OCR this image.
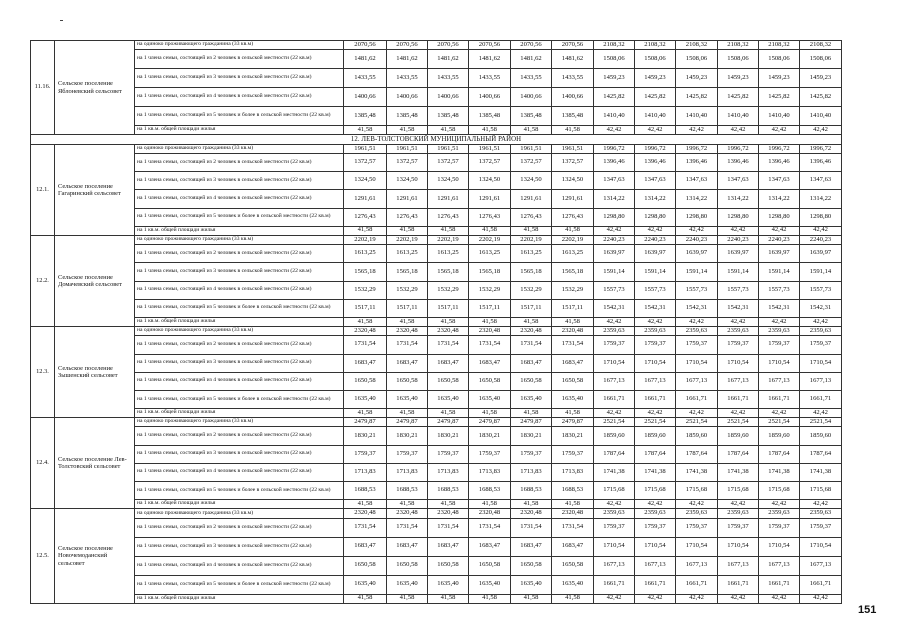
11.16.	Сельское поселение Яблоневский сельсовет	на одиноко проживающего гражданина (33 кв.м)	2070,56	2070,56	2070,56	2070,56	2070,56	2070,56	2108,32	2108,32	2108,32	2108,32	2108,32	2108,32
		на 1 члена семьи, состоящей из 2 человек в сельской местности (22 кв.м)	1481,62	1481,62	1481,62	1481,62	1481,62	1481,62	1508,06	1508,06	1508,06	1508,06	1508,06	1508,06
		на 1 члена семьи, состоящей из 3 человек в сельской местности (22 кв.м)	1433,55	1433,55	1433,55	1433,55	1433,55	1433,55	1459,23	1459,23	1459,23	1459,23	1459,23	1459,23
		на 1 члена семьи, состоящей из 4 человек в сельской местности (22 кв.м)	1400,66	1400,66	1400,66	1400,66	1400,66	1400,66	1425,82	1425,82	1425,82	1425,82	1425,82	1425,82
		на 1 члена семьи, состоящей из 5 человек и более в сельской местности (22 кв.м)	1385,48	1385,48	1385,48	1385,48	1385,48	1385,48	1410,40	1410,40	1410,40	1410,40	1410,40	1410,40
		на 1 кв.м. общей площади жилья	41,58	41,58	41,58	41,58	41,58	41,58	42,42	42,42	42,42	42,42	42,42	42,42
12. ЛЕВ-ТОЛСТОВСКИЙ МУНИЦИПАЛЬНЫЙ РАЙОН														
12.1.	Сельское поселение Гагаринский сельсовет	на одиноко проживающего гражданина (33 кв.м)	1961,51	1961,51	1961,51	1961,51	1961,51	1961,51	1996,72	1996,72	1996,72	1996,72	1996,72	1996,72
		на 1 члена семьи, состоящей из 2 человек в сельской местности (22 кв.м)	1372,57	1372,57	1372,57	1372,57	1372,57	1372,57	1396,46	1396,46	1396,46	1396,46	1396,46	1396,46
		на 1 члена семьи, состоящей из 3 человек в сельской местности (22 кв.м)	1324,50	1324,50	1324,50	1324,50	1324,50	1324,50	1347,63	1347,63	1347,63	1347,63	1347,63	1347,63
		на 1 члена семьи, состоящей из 4 человек в сельской местности (22 кв.м)	1291,61	1291,61	1291,61	1291,61	1291,61	1291,61	1314,22	1314,22	1314,22	1314,22	1314,22	1314,22
		на 1 члена семьи, состоящей из 5 человек и более в сельской местности (22 кв.м)	1276,43	1276,43	1276,43	1276,43	1276,43	1276,43	1298,80	1298,80	1298,80	1298,80	1298,80	1298,80
		на 1 кв.м. общей площади жилья	41,58	41,58	41,58	41,58	41,58	41,58	42,42	42,42	42,42	42,42	42,42	42,42
12.2.	Сельское поселение Домачевский сельсовет	на одиноко проживающего гражданина (33 кв.м)	2202,19	2202,19	2202,19	2202,19	2202,19	2202,19	2240,23	2240,23	2240,23	2240,23	2240,23	2240,23
		на 1 члена семьи, состоящей из 2 человек в сельской местности (22 кв.м)	1613,25	1613,25	1613,25	1613,25	1613,25	1613,25	1639,97	1639,97	1639,97	1639,97	1639,97	1639,97
		на 1 члена семьи, состоящей из 3 человек в сельской местности (22 кв.м)	1565,18	1565,18	1565,18	1565,18	1565,18	1565,18	1591,14	1591,14	1591,14	1591,14	1591,14	1591,14
		на 1 члена семьи, состоящей из 4 человек в сельской местности (22 кв.м)	1532,29	1532,29	1532,29	1532,29	1532,29	1532,29	1557,73	1557,73	1557,73	1557,73	1557,73	1557,73
		на 1 члена семьи, состоящей из 5 человек и более в сельской местности (22 кв.м)	1517,11	1517,11	1517,11	1517,11	1517,11	1517,11	1542,31	1542,31	1542,31	1542,31	1542,31	1542,31
		на 1 кв.м. общей площади жилья	41,58	41,58	41,58	41,58	41,58	41,58	42,42	42,42	42,42	42,42	42,42	42,42
12.3.	Сельское поселение Зышенский сельсовет	на одиноко проживающего гражданина (33 кв.м)	2320,48	2320,48	2320,48	2320,48	2320,48	2320,48	2359,63	2359,63	2359,63	2359,63	2359,63	2359,63
		на 1 члена семьи, состоящей из 2 человек в сельской местности (22 кв.м)	1731,54	1731,54	1731,54	1731,54	1731,54	1731,54	1759,37	1759,37	1759,37	1759,37	1759,37	1759,37
		на 1 члена семьи, состоящей из 3 человек в сельской местности (22 кв.м)	1683,47	1683,47	1683,47	1683,47	1683,47	1683,47	1710,54	1710,54	1710,54	1710,54	1710,54	1710,54
		на 1 члена семьи, состоящей из 4 человек в сельской местности (22 кв.м)	1650,58	1650,58	1650,58	1650,58	1650,58	1650,58	1677,13	1677,13	1677,13	1677,13	1677,13	1677,13
		на 1 члена семьи, состоящей из 5 человек и более в сельской местности (22 кв.м)	1635,40	1635,40	1635,40	1635,40	1635,40	1635,40	1661,71	1661,71	1661,71	1661,71	1661,71	1661,71
		на 1 кв.м. общей площади жилья	41,58	41,58	41,58	41,58	41,58	41,58	42,42	42,42	42,42	42,42	42,42	42,42
12.4.	Сельское поселение Лев-Толстовский сельсовет	на одиноко проживающего гражданина (33 кв.м)	2479,87	2479,87	2479,87	2479,87	2479,87	2479,87	2521,54	2521,54	2521,54	2521,54	2521,54	2521,54
		на 1 члена семьи, состоящей из 2 человек в сельской местности (22 кв.м)	1830,21	1830,21	1830,21	1830,21	1830,21	1830,21	1859,60	1859,60	1859,60	1859,60	1859,60	1859,60
		на 1 члена семьи, состоящей из 3 человек в сельской местности (22 кв.м)	1759,37	1759,37	1759,37	1759,37	1759,37	1759,37	1787,64	1787,64	1787,64	1787,64	1787,64	1787,64
		на 1 члена семьи, состоящей из 4 человек в сельской местности (22 кв.м)	1713,83	1713,83	1713,83	1713,83	1713,83	1713,83	1741,38	1741,38	1741,38	1741,38	1741,38	1741,38
		на 1 члена семьи, состоящей из 5 человек и более в сельской местности (22 кв.м)	1688,53	1688,53	1688,53	1688,53	1688,53	1688,53	1715,68	1715,68	1715,68	1715,68	1715,68	1715,68
		на 1 кв.м. общей площади жилья	41,58	41,58	41,58	41,58	41,58	41,58	42,42	42,42	42,42	42,42	42,42	42,42
12.5.	Сельское поселение Новочемоданский сельсовет	на одиноко проживающего гражданина (33 кв.м)	2320,48	2320,48	2320,48	2320,48	2320,48	2320,48	2359,63	2359,63	2359,63	2359,63	2359,63	2359,63
		на 1 члена семьи, состоящей из 2 человек в сельской местности (22 кв.м)	1731,54	1731,54	1731,54	1731,54	1731,54	1731,54	1759,37	1759,37	1759,37	1759,37	1759,37	1759,37
		на 1 члена семьи, состоящей из 3 человек в сельской местности (22 кв.м)	1683,47	1683,47	1683,47	1683,47	1683,47	1683,47	1710,54	1710,54	1710,54	1710,54	1710,54	1710,54
		на 1 члена семьи, состоящей из 4 человек в сельской местности (22 кв.м)	1650,58	1650,58	1650,58	1650,58	1650,58	1650,58	1677,13	1677,13	1677,13	1677,13	1677,13	1677,13
		на 1 члена семьи, состоящей из 5 человек и более в сельской местности (22 кв.м)	1635,40	1635,40	1635,40	1635,40	1635,40	1635,40	1661,71	1661,71	1661,71	1661,71	1661,71	1661,71
		на 1 кв.м. общей площади жилья	41,58	41,58	41,58	41,58	41,58	41,58	42,42	42,42	42,42	42,42	42,42	42,42
151
